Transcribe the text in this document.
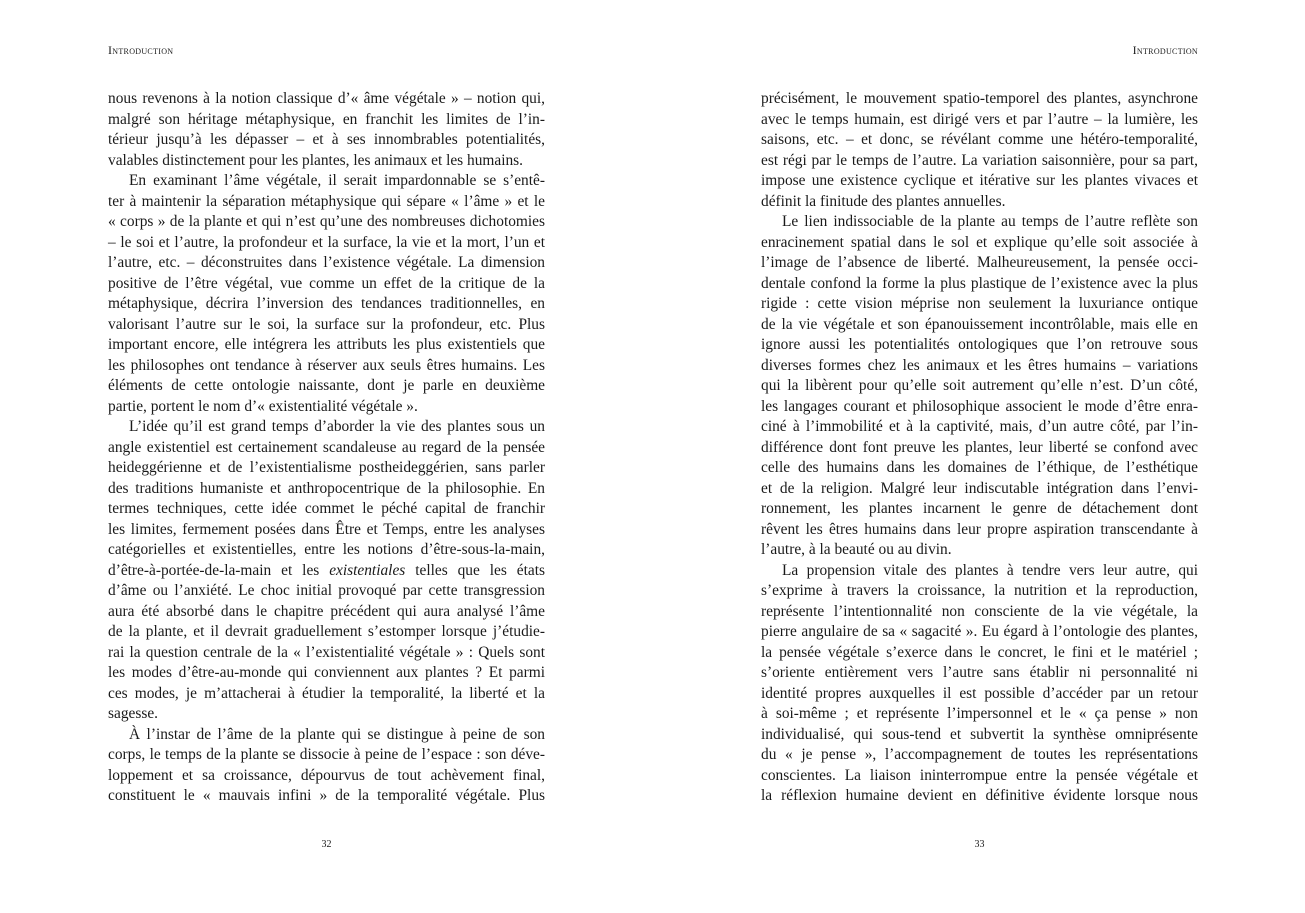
Introduction
nous revenons à la notion classique d’« âme végétale » – notion qui,
malgré son héritage métaphysique, en franchit les limites de l’in-
térieur jusqu’à les dépasser – et à ses innombrables potentialités,
valables distinctement pour les plantes, les animaux et les humains.
En examinant l’âme végétale, il serait impardonnable se s’entê-
ter à maintenir la séparation métaphysique qui sépare « l’âme » et le
« corps » de la plante et qui n’est qu’une des nombreuses dichotomies
– le soi et l’autre, la profondeur et la surface, la vie et la mort, l’un et
l’autre, etc. – déconstruites dans l’existence végétale. La dimension
positive de l’être végétal, vue comme un effet de la critique de la
métaphysique, décrira l’inversion des tendances traditionnelles, en
valorisant l’autre sur le soi, la surface sur la profondeur, etc. Plus
important encore, elle intégrera les attributs les plus existentiels que
les philosophes ont tendance à réserver aux seuls êtres humains. Les
éléments de cette ontologie naissante, dont je parle en deuxième
partie, portent le nom d’« existentialité végétale ».
L’idée qu’il est grand temps d’aborder la vie des plantes sous un
angle existentiel est certainement scandaleuse au regard de la pensée
heideggérienne et de l’existentialisme postheideggérien, sans parler
des traditions humaniste et anthropocentrique de la philosophie. En
termes techniques, cette idée commet le péché capital de franchir
les limites, fermement posées dans Être et Temps, entre les analyses
catégorielles et existentielles, entre les notions d’être-sous-la-main,
d’être-à-portée-de-la-main et les existentiales telles que les états
d’âme ou l’anxiété. Le choc initial provoqué par cette transgression
aura été absorbé dans le chapitre précédent qui aura analysé l’âme
de la plante, et il devrait graduellement s’estomper lorsque j’étudie-
rai la question centrale de la « l’existentialité végétale » : Quels sont
les modes d’être-au-monde qui conviennent aux plantes ? Et parmi
ces modes, je m’attacherai à étudier la temporalité, la liberté et la
sagesse.
À l’instar de l’âme de la plante qui se distingue à peine de son
corps, le temps de la plante se dissocie à peine de l’espace : son déve-
loppement et sa croissance, dépourvus de tout achèvement final,
constituent le « mauvais infini » de la temporalité végétale. Plus
32
Introduction
précisément, le mouvement spatio-temporel des plantes, asynchrone
avec le temps humain, est dirigé vers et par l’autre – la lumière, les
saisons, etc. – et donc, se révélant comme une hétéro-temporalité,
est régi par le temps de l’autre. La variation saisonnière, pour sa part,
impose une existence cyclique et itérative sur les plantes vivaces et
définit la finitude des plantes annuelles.
Le lien indissociable de la plante au temps de l’autre reflète son
enracinement spatial dans le sol et explique qu’elle soit associée à
l’image de l’absence de liberté. Malheureusement, la pensée occi-
dentale confond la forme la plus plastique de l’existence avec la plus
rigide : cette vision méprise non seulement la luxuriance ontique
de la vie végétale et son épanouissement incontrôlable, mais elle en
ignore aussi les potentialités ontologiques que l’on retrouve sous
diverses formes chez les animaux et les êtres humains – variations
qui la libèrent pour qu’elle soit autrement qu’elle n’est. D’un côté,
les langages courant et philosophique associent le mode d’être enra-
ciné à l’immobilité et à la captivité, mais, d’un autre côté, par l’in-
différence dont font preuve les plantes, leur liberté se confond avec
celle des humains dans les domaines de l’éthique, de l’esthétique
et de la religion. Malgré leur indiscutable intégration dans l’envi-
ronnement, les plantes incarnent le genre de détachement dont
rêvent les êtres humains dans leur propre aspiration transcendante à
l’autre, à la beauté ou au divin.
La propension vitale des plantes à tendre vers leur autre, qui
s’exprime à travers la croissance, la nutrition et la reproduction,
représente l’intentionnalité non consciente de la vie végétale, la
pierre angulaire de sa « sagacité ». Eu égard à l’ontologie des plantes,
la pensée végétale s’exerce dans le concret, le fini et le matériel ;
s’oriente entièrement vers l’autre sans établir ni personnalité ni
identité propres auxquelles il est possible d’accéder par un retour
à soi-même ; et représente l’impersonnel et le « ça pense » non
individualisé, qui sous-tend et subvertit la synthèse omniprésente
du « je pense », l’accompagnement de toutes les représentations
conscientes. La liaison ininterrompue entre la pensée végétale et
la réflexion humaine devient en définitive évidente lorsque nous
33
